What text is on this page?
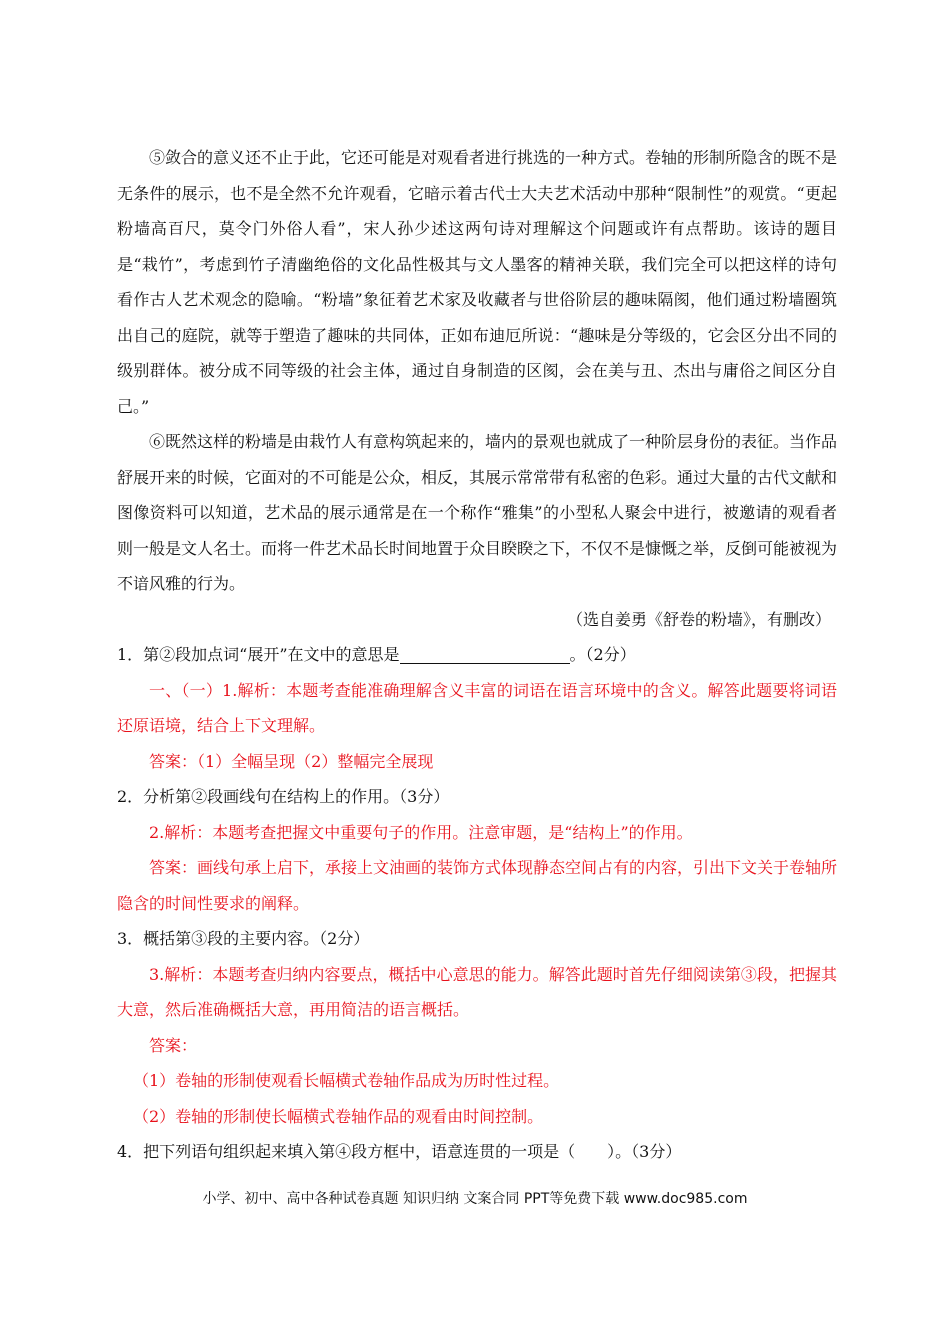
⑤敛合的意义还不止于此，它还可能是对观看者进行挑选的一种方式。卷轴的形制所隐含的既不是无条件的展示，也不是全然不允许观看，它暗示着古代士大夫艺术活动中那种“限制性”的观赏。“更起粉墙高百尺，莫令门外俗人看”，宋人孙少述这两句诗对理解这个问题或许有点帮助。该诗的题目是“栽竹”，考虑到竹子清幽绝俗的文化品性极其与文人墨客的精神关联，我们完全可以把这样的诗句看作古人艺术观念的隐喻。“粉墙”象征着艺术家及收藏者与世俗阶层的趣味隔阂，他们通过粉墙圈筑出自己的庭院，就等于塑造了趣味的共同体，正如布迪厄所说：“趣味是分等级的，它会区分出不同的级别群体。被分成不同等级的社会主体，通过自身制造的区阂，会在美与丑、杰出与庸俗之间区分自己。”

⑥既然这样的粉墙是由栽竹人有意构筑起来的，墙内的景观也就成了一种阶层身份的表征。当作品舒展开来的时候，它面对的不可能是公众，相反，其展示常常带有私密的色彩。通过大量的古代文献和图像资料可以知道，艺术品的展示通常是在一个称作“雅集”的小型私人聚会中进行，被邀请的观看者则一般是文人名士。而将一件艺术品长时间地置于众目睽睽之下，不仅不是慷慨之举，反倒可能被视为不谙风雅的行为。

（选自姜勇《舒卷的粉墙》，有删改）

1．第②段加点词“展开”在文中的意思是	。（2分）

一、（一）1.解析：本题考查能准确理解含义丰富的词语在语言环境中的含义。解答此题要将词语还原语境，结合上下文理解。

答案：（1）全幅呈现（2）整幅完全展现

2．分析第②段画线句在结构上的作用。（3分）

2.解析：本题考查把握文中重要句子的作用。注意审题，是“结构上”的作用。

答案：画线句承上启下，承接上文油画的装饰方式体现静态空间占有的内容，引出下文关于卷轴所隐含的时间性要求的阐释。

3．概括第③段的主要内容。（2分）

3.解析：本题考查归纳内容要点，概括中心意思的能力。解答此题时首先仔细阅读第③段，把握其大意，然后准确概括大意，再用简洁的语言概括。

答案：

（1）卷轴的形制使观看长幅横式卷轴作品成为历时性过程。

（2）卷轴的形制使长幅横式卷轴作品的观看由时间控制。

4．把下列语句组织起来填入第④段方框中，语意连贯的一项是（　　）。（3分）

小学、初中、高中各种试卷真题 知识归纳 文案合同 PPT等免费下载 www.doc985.com
